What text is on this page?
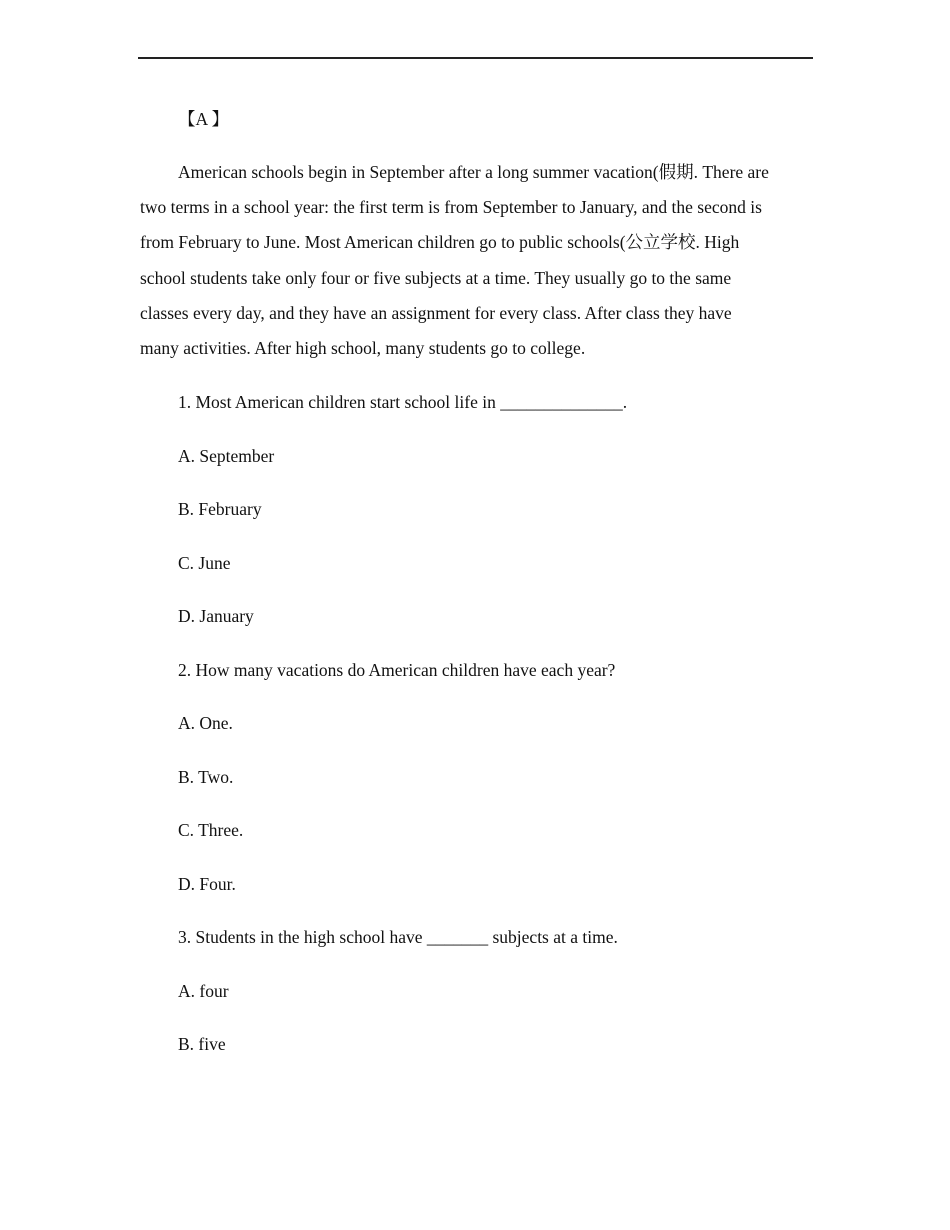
【A 】

American schools begin in September after a long summer vacation(假期. There are
two terms in a school year: the first term is from September to January, and the second is
from February to June. Most American children go to public schools(公立学校. High
school students take only four or five subjects at a time. They usually go to the same
classes every day, and they have an assignment for every class. After class they have
many activities. After high school, many students go to college.

1. Most American children start school life in ______________.
A. September
B. February
C. June
D. January
2. How many vacations do American children have each year?
A. One.
B. Two.
C. Three.
D. Four.
3. Students in the high school have _______ subjects at a time.
A. four
B. five
